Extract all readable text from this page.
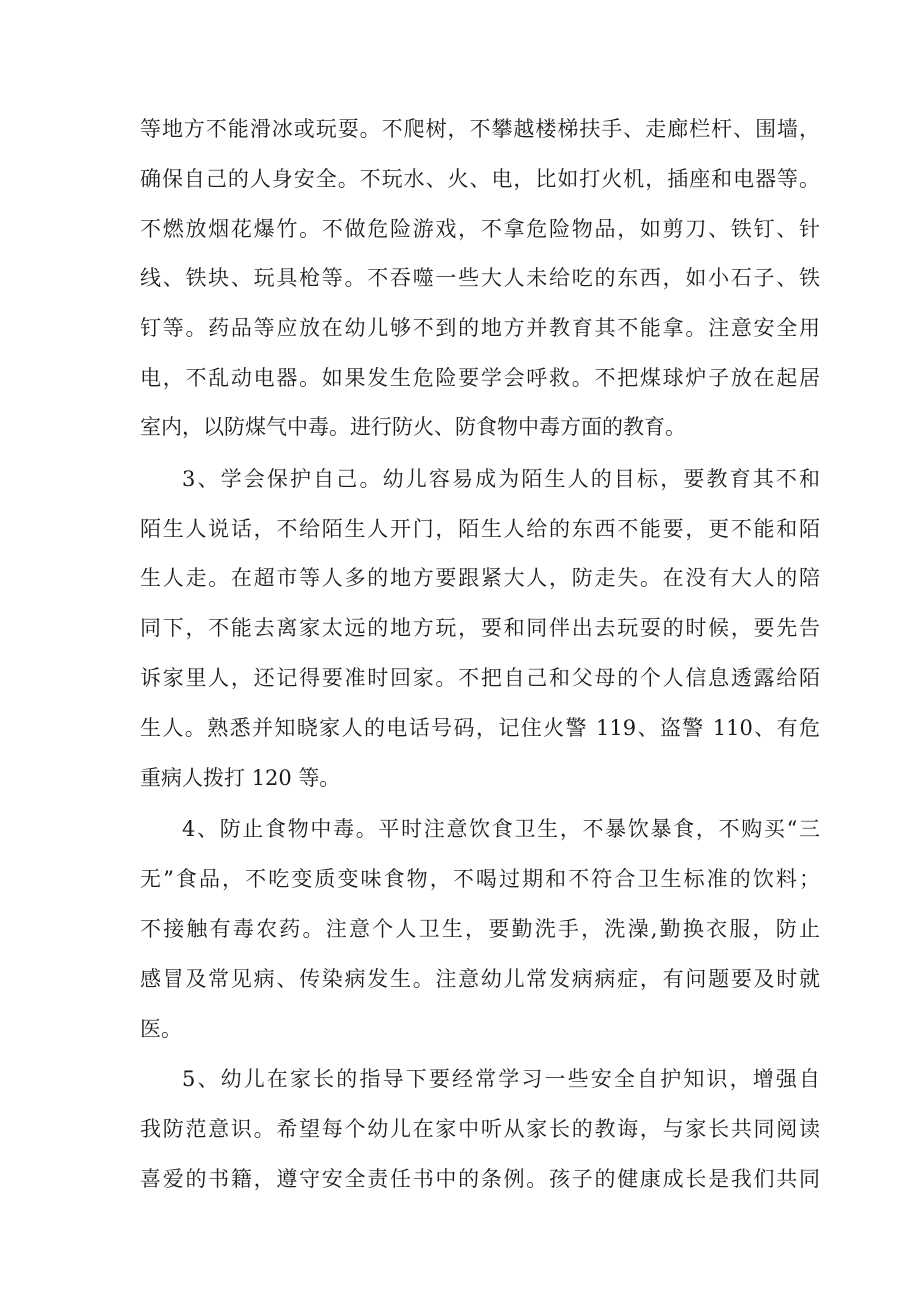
等地方不能滑冰或玩耍。不爬树，不攀越楼梯扶手、走廊栏杆、围墙，
确保自己的人身安全。不玩水、火、电，比如打火机，插座和电器等。
不燃放烟花爆竹。不做危险游戏，不拿危险物品，如剪刀、铁钉、针
线、铁块、玩具枪等。不吞噬一些大人未给吃的东西，如小石子、铁
钉等。药品等应放在幼儿够不到的地方并教育其不能拿。注意安全用
电，不乱动电器。如果发生危险要学会呼救。不把煤球炉子放在起居
室内，以防煤气中毒。进行防火、防食物中毒方面的教育。
3、学会保护自己。幼儿容易成为陌生人的目标，要教育其不和
陌生人说话，不给陌生人开门，陌生人给的东西不能要，更不能和陌
生人走。在超市等人多的地方要跟紧大人，防走失。在没有大人的陪
同下，不能去离家太远的地方玩，要和同伴出去玩耍的时候，要先告
诉家里人，还记得要准时回家。不把自己和父母的个人信息透露给陌
生人。熟悉并知晓家人的电话号码，记住火警 119、盗警 110、有危
重病人拨打 120 等。
4、防止食物中毒。平时注意饮食卫生，不暴饮暴食，不购买“三
无”食品，不吃变质变味食物，不喝过期和不符合卫生标准的饮料；
不接触有毒农药。注意个人卫生，要勤洗手，洗澡,勤换衣服，防止
感冒及常见病、传染病发生。注意幼儿常发病病症，有问题要及时就
医。
5、幼儿在家长的指导下要经常学习一些安全自护知识，增强自
我防范意识。希望每个幼儿在家中听从家长的教诲，与家长共同阅读
喜爱的书籍，遵守安全责任书中的条例。孩子的健康成长是我们共同
